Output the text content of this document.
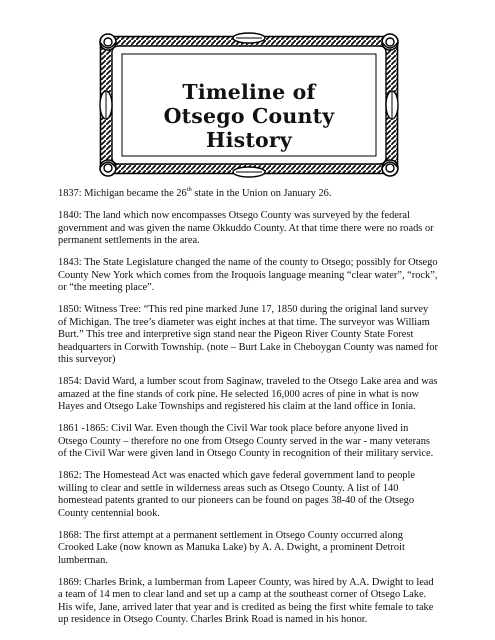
Timeline of
Otsego County
History

1837: Michigan became the 26th state in the Union on January 26.

1840: The land which now encompasses Otsego County was surveyed by the federal government and was given the name Okkuddo County. At that time there were no roads or permanent settlements in the area.

1843: The State Legislature changed the name of the county to Otsego; possibly for Otsego County New York which comes from the Iroquois language meaning “clear water”, “rock”, or “the meeting place”.

1850: Witness Tree: “This red pine marked June 17, 1850 during the original land survey of Michigan. The tree’s diameter was eight inches at that time. The surveyor was William Burt.” This tree and interpretive sign stand near the Pigeon River County State Forest headquarters in Corwith Township. (note – Burt Lake in Cheboygan County was named for this surveyor)

1854: David Ward, a lumber scout from Saginaw, traveled to the Otsego Lake area and was amazed at the fine stands of cork pine. He selected 16,000 acres of pine in what is now Hayes and Otsego Lake Townships and registered his claim at the land office in Ionia.

1861 -1865: Civil War. Even though the Civil War took place before anyone lived in Otsego County – therefore no one from Otsego County served in the war - many veterans of the Civil War were given land in Otsego County in recognition of their military service.

1862: The Homestead Act was enacted which gave federal government land to people willing to clear and settle in wilderness areas such as Otsego County. A list of 140 homestead patents granted to our pioneers can be found on pages 38-40 of the Otsego County centennial book.

1868: The first attempt at a permanent settlement in Otsego County occurred along Crooked Lake (now known as Manuka Lake) by A. A. Dwight, a prominent Detroit lumberman.

1869: Charles Brink, a lumberman from Lapeer County, was hired by A.A. Dwight to lead a team of 14 men to clear land and set up a camp at the southeast corner of Otsego Lake. His wife, Jane, arrived later that year and is credited as being the first white female to take up residence in Otsego County. Charles Brink Road is named in his honor.
